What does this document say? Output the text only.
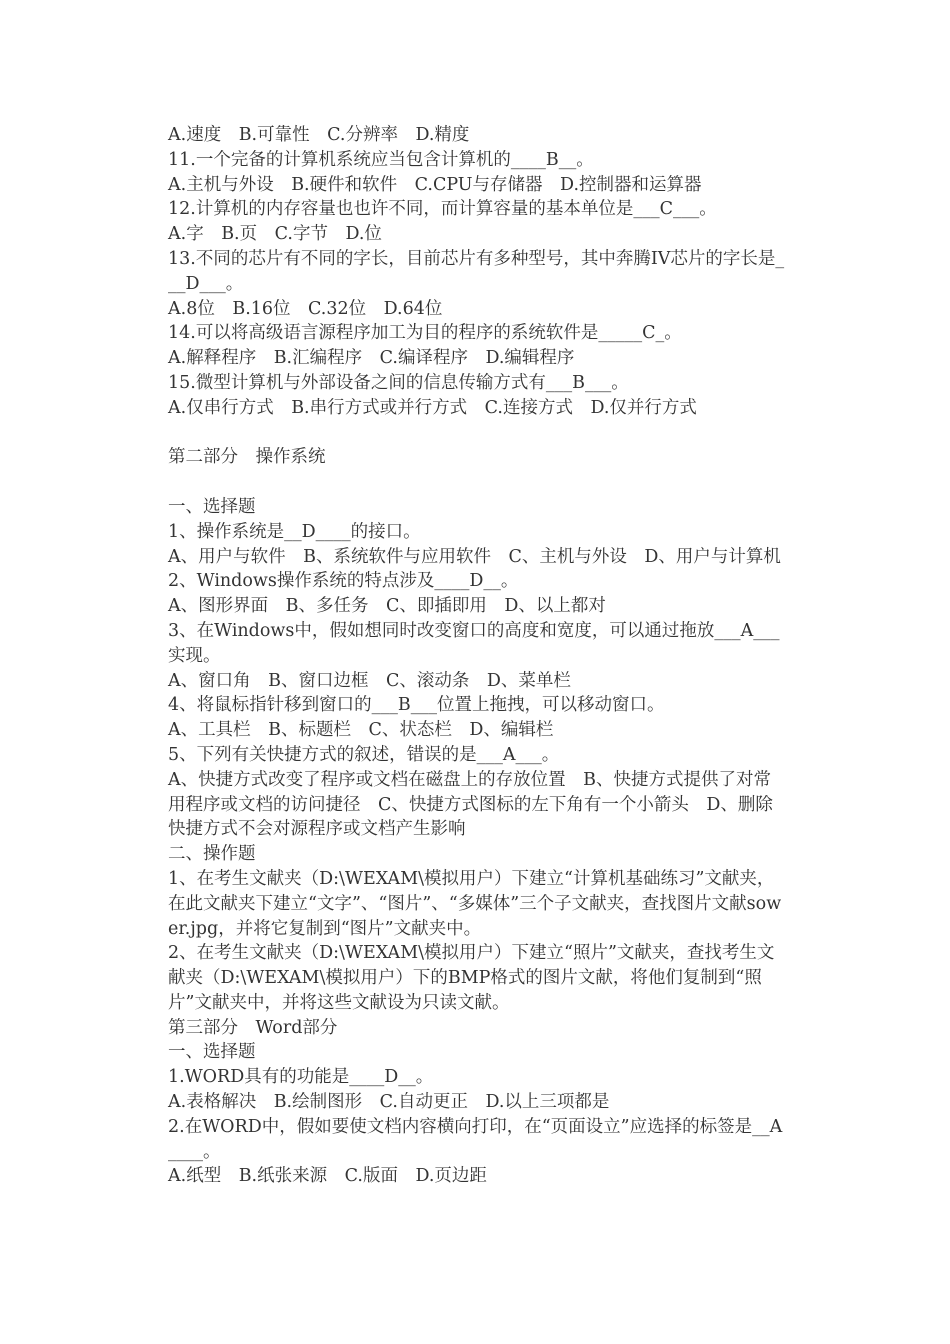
A.速度　B.可靠性　C.分辨率　D.精度

11.一个完备的计算机系统应当包含计算机的____B__。

A.主机与外设　B.硬件和软件　C.CPU与存储器　D.控制器和运算器

12.计算机的内存容量也也许不同，而计算容量的基本单位是___C___。

A.字　B.页　C.字节　D.位

13.不同的芯片有不同的字长，目前芯片有多种型号，其中奔腾IV芯片的字长是___D___。

A.8位　B.16位　C.32位　D.64位

14.可以将高级语言源程序加工为目的程序的系统软件是_____C_。

A.解释程序　B.汇编程序　C.编译程序　D.编辑程序

15.微型计算机与外部设备之间的信息传输方式有___B___。

A.仅串行方式　B.串行方式或并行方式　C.连接方式　D.仅并行方式

第二部分　操作系统

一、选择题

1、操作系统是__D____的接口。

A、用户与软件　B、系统软件与应用软件　C、主机与外设　D、用户与计算机

2、Windows操作系统的特点涉及____D__。

A、图形界面　B、多任务　C、即插即用　D、以上都对

3、在Windows中，假如想同时改变窗口的高度和宽度，可以通过拖放___A___实现。

A、窗口角　B、窗口边框　C、滚动条　D、菜单栏

4、将鼠标指针移到窗口的___B___位置上拖拽，可以移动窗口。

A、工具栏　B、标题栏　C、状态栏　D、编辑栏

5、下列有关快捷方式的叙述，错误的是___A___。

A、快捷方式改变了程序或文档在磁盘上的存放位置　B、快捷方式提供了对常用程序或文档的访问捷径　C、快捷方式图标的左下角有一个小箭头　D、删除快捷方式不会对源程序或文档产生影响

二、操作题

1、在考生文献夹（D:\WEXAM\模拟用户）下建立“计算机基础练习”文献夹，在此文献夹下建立“文字”、“图片”、“多媒体”三个子文献夹，查找图片文献sower.jpg，并将它复制到“图片”文献夹中。

2、在考生文献夹（D:\WEXAM\模拟用户）下建立“照片”文献夹，查找考生文献夹（D:\WEXAM\模拟用户）下的BMP格式的图片文献，将他们复制到“照片”文献夹中，并将这些文献设为只读文献。

第三部分　Word部分

一、选择题

1.WORD具有的功能是____D__。

A.表格解决　B.绘制图形　C.自动更正　D.以上三项都是

2.在WORD中，假如要使文档内容横向打印，在“页面设立”应选择的标签是__A____。

A.纸型　B.纸张来源　C.版面　D.页边距
